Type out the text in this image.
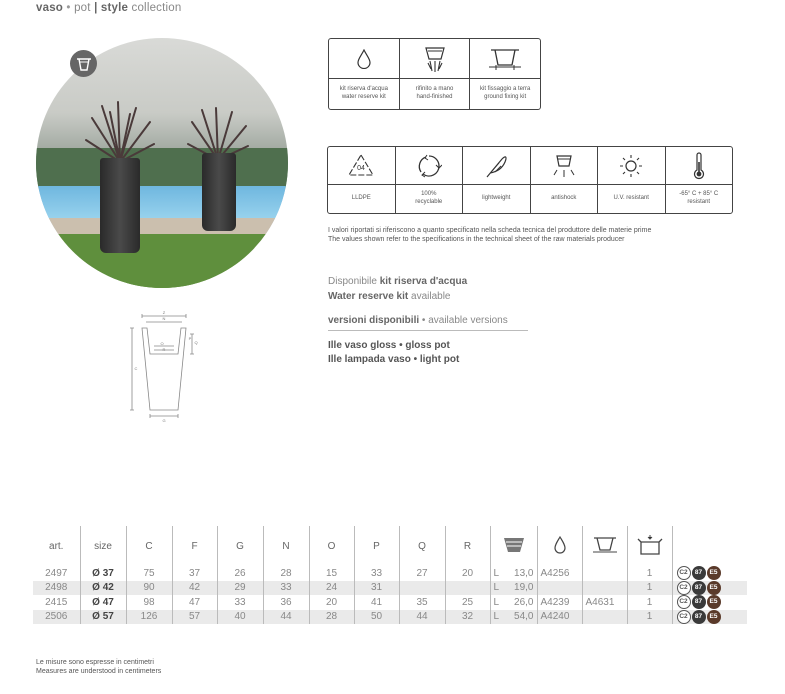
vaso • pot | style collection
kit riserva d'acqua
water reserve kit
rifinito a mano
hand-finished
kit fissaggio a terra
ground fixing kit
04
LLDPE
100%
recyclable
lightweight	antishock	U.V. resistant
-65° C + 85° C
resistant
I valori riportati si riferiscono a quanto specificato nella scheda tecnica del produttore delle materie prime
The values shown refer to the specifications in the technical sheet of the raw materials producer
Disponibile kit riserva d'acqua
Water reserve kit available
versioni disponibili • available versions
Ille vaso gloss • gloss pot
Ille lampada vaso • light pot
Z
N
C
G
O
R
Q
P
art.	size	C	F	G	N	O	P	Q	R					
2497	Ø 37	75	37	26	28	15	33	27	20	L 13,0	A4256		1	C2 87 E5
2498	Ø 42	90	42	29	33	24	31			L 19,0			1	C2 87 E5
2415	Ø 47	98	47	33	36	20	41	35	25	L 26,0	A4239	A4631	1	C2 87 E5
2506	Ø 57	126	57	40	44	28	50	44	32	L 54,0	A4240		1	C2 87 E5
Le misure sono espresse in centimetri
Measures are understood in centimeters
